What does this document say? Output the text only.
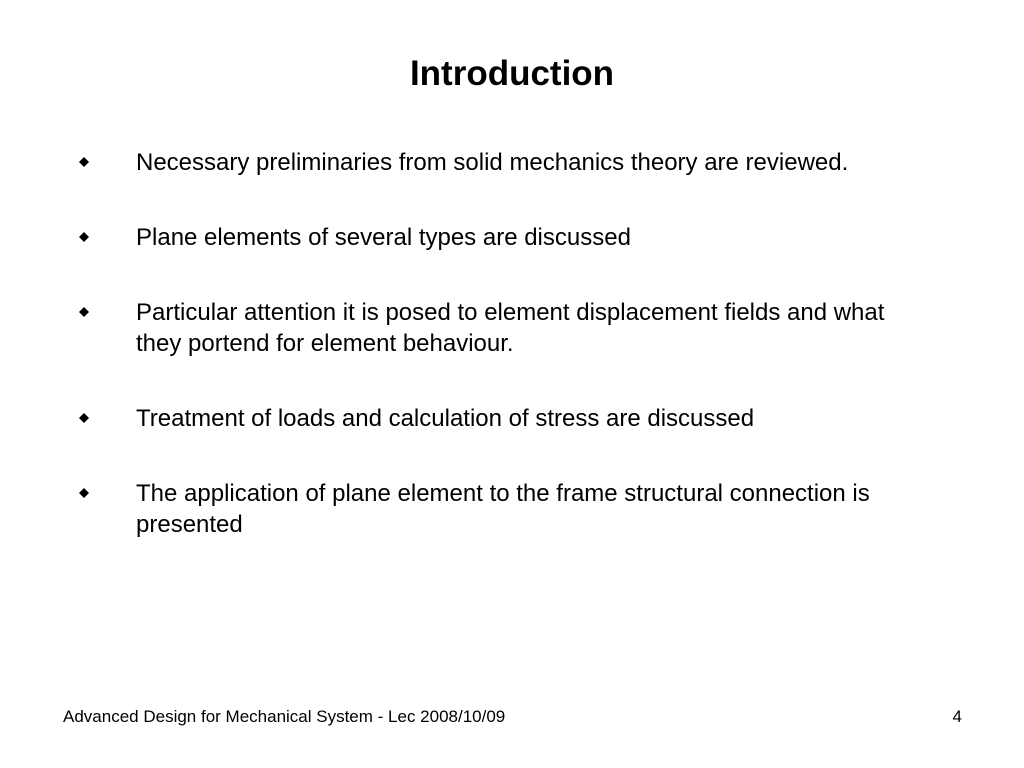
Introduction
Necessary preliminaries from solid mechanics theory are reviewed.
Plane elements of several types are discussed
Particular attention it is posed to element displacement fields and what they portend for element behaviour.
Treatment of loads and calculation of stress are discussed
The application of plane element to the frame structural connection is presented
Advanced Design for Mechanical System - Lec 2008/10/09	4
